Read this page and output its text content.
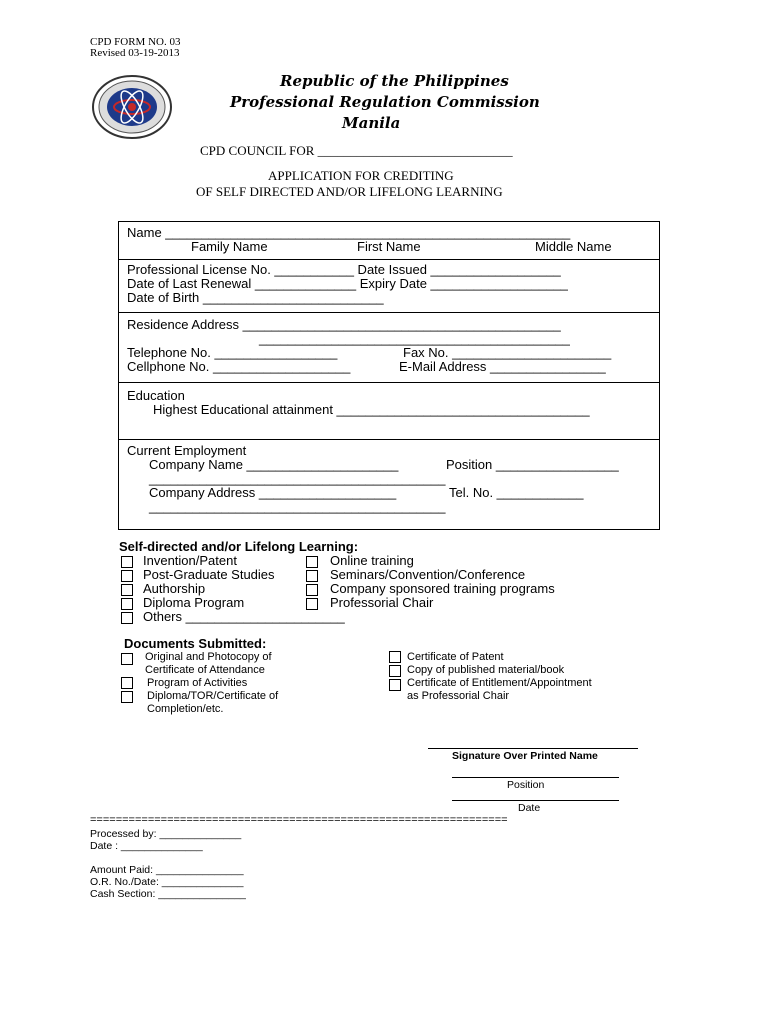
CPD FORM NO. 03
Revised 03-19-2013
Republic of the Philippines
Professional Regulation Commission
Manila
CPD COUNCIL FOR ______________________________
APPLICATION FOR CREDITING
OF SELF DIRECTED AND/OR LIFELONG LEARNING
Name ________________________________________________________
Family Name	First Name	Middle Name
Professional License No. ___________ Date Issued __________________
Date of Last Renewal ______________ Expiry Date ___________________
Date of Birth _________________________
Residence Address ____________________________________________
___________________________________________
Telephone No. _________________	Fax No. ______________________
Cellphone No. ___________________	E-Mail Address ________________
Education
Highest Educational attainment ___________________________________
Current Employment
Company Name _____________________	Position _________________
_________________________________________
Company Address ___________________	Tel. No. ____________
_________________________________________
Self-directed and/or Lifelong Learning:
Invention/Patent
Post-Graduate Studies
Authorship
Diploma Program
Others ______________________
Online training
Seminars/Convention/Conference
Company sponsored training programs
Professorial Chair
Documents Submitted:
Original and Photocopy of
Certificate of Attendance
Program of Activities
Diploma/TOR/Certificate of
Completion/etc.
Certificate of Patent
Copy of published material/book
Certificate of Entitlement/Appointment
as Professorial Chair
Signature Over Printed Name
Position
Date
=================================================================
Processed by: ______________
Date : ______________
Amount Paid: _______________
O.R. No./Date: ______________
Cash Section: _______________
